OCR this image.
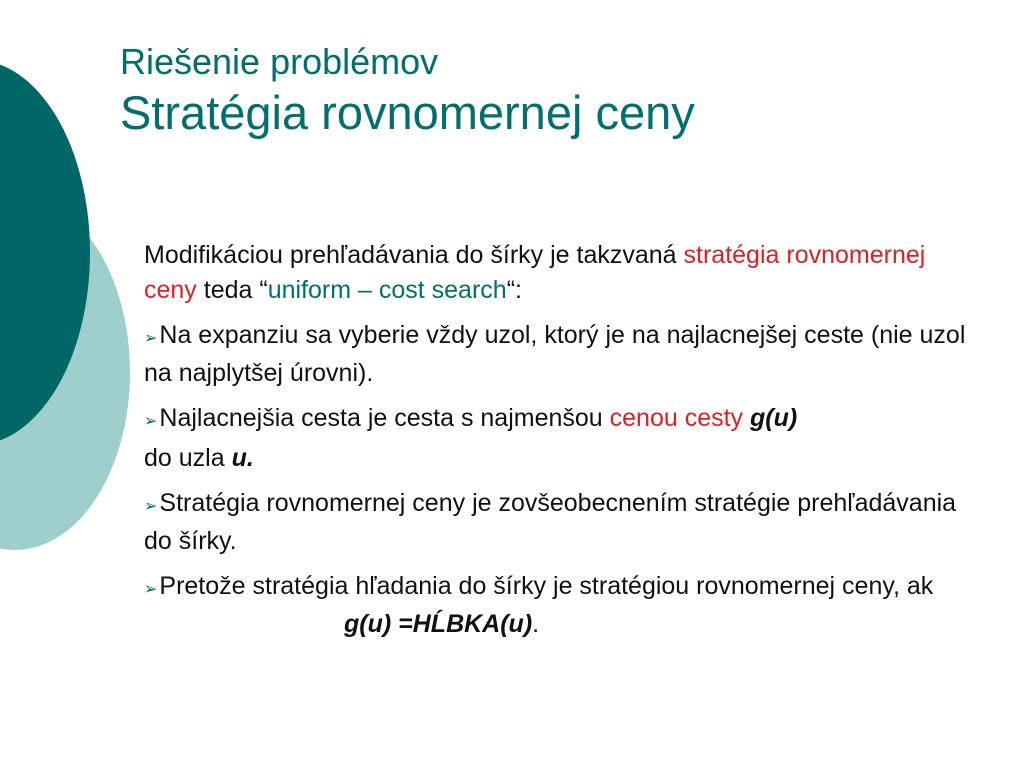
Riešenie problémov
Stratégia rovnomernej ceny

Modifikáciou prehľadávania do šírky je takzvaná stratégia rovnomernej ceny teda “uniform – cost search“:

➢Na expanziu sa vyberie vždy uzol, ktorý je na najlacnejšej ceste (nie uzol na najplytšej úrovni).

➢Najlacnejšia cesta je cesta s najmenšou cenou cesty g(u)

do uzla u.

➢Stratégia rovnomernej ceny je zovšeobecnením stratégie prehľadávania do šírky.

➢Pretože stratégia hľadania do šírky je stratégiou rovnomernej ceny, akg(u) =HĹBKA(u).
